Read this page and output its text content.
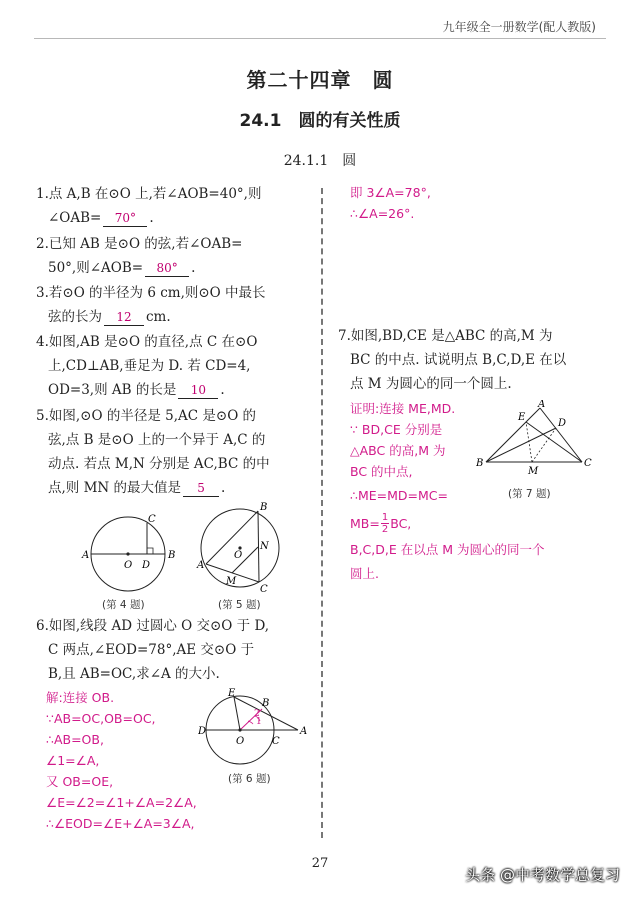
九年级全一册数学(配人教版)
第二十四章　圆
24.1　圆的有关性质
24.1.1　圆
1.点 A,B 在⊙O 上,若∠AOB=40°,则
∠OAB= 70° .
2.已知 AB 是⊙O 的弦,若∠OAB=
50°,则∠AOB= 80° .
3.若⊙O 的半径为 6 cm,则⊙O 中最长
弦的长为 12 cm.
4.如图,AB 是⊙O 的直径,点 C 在⊙O
上,CD⊥AB,垂足为 D. 若 CD=4,
OD=3,则 AB 的长是 10 .
5.如图,⊙O 的半径是 5,AC 是⊙O 的
弦,点 B 是⊙O 上的一个异于 A,C 的
动点. 若点 M,N 分别是 AC,BC 的中
点,则 MN 的最大值是 5 .
A	B
C
D
O
(第 4 题)
B
A
C
M
N
O
(第 5 题)
6.如图,线段 AD 过圆心 O 交⊙O 于 D,
C 两点,∠EOD=78°,AE 交⊙O 于
B,且 AB=OC,求∠A 的大小.
解:连接 OB.
∵AB=OC,OB=OC,
∴AB=OB,
∠1=∠A,
又 OB=OE,
∠E=∠2=∠1+∠A=2∠A,
∴∠EOD=∠E+∠A=3∠A,
E
B
D
O	C
A
1
2
(第 6 题)
即 3∠A=78°,
∴∠A=26°.
7.如图,BD,CE 是△ABC 的高,M 为
BC 的中点. 试说明点 B,C,D,E 在以
点 M 为圆心的同一个圆上.
证明:连接 ME,MD.
∵ BD,CE 分别是
△ABC 的高,M 为
BC 的中点,
∴ME=MD=MC=
$MB= \frac{1}{2}$ BC,
B,C,D,E 在以点 M 为圆心的同一个
圆上.
A
B	C
D
E
M
(第 7 题)
27
头条 @中考数学总复习
